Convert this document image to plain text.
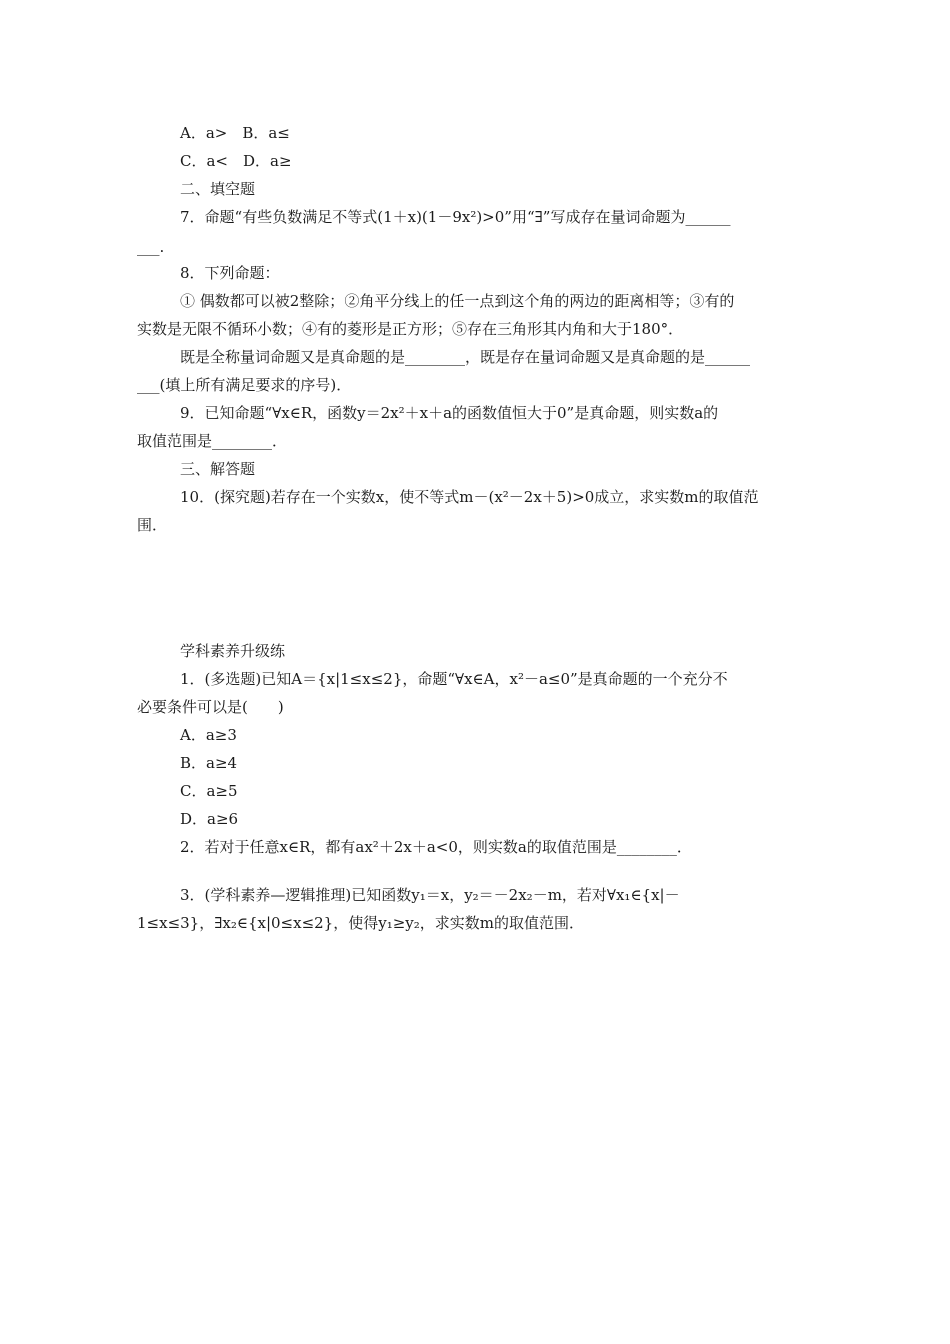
A．a>　B．a≤
C．a<　D．a≥
二、填空题
7．命题“有些负数满足不等式(1＋x)(1－9x²)>0”用“∃”写成存在量词命题为______
___.
8．下列命题：
① 偶数都可以被2整除；②角平分线上的任一点到这个角的两边的距离相等；③有的
实数是无限不循环小数；④有的菱形是正方形；⑤存在三角形其内角和大于180°．
既是全称量词命题又是真命题的是________，既是存在量词命题又是真命题的是______
___(填上所有满足要求的序号)．
9．已知命题“∀x∈R，函数y＝2x²＋x＋a的函数值恒大于0”是真命题，则实数a的
取值范围是________．
三、解答题
10．(探究题)若存在一个实数x，使不等式m－(x²－2x＋5)>0成立，求实数m的取值范
围．
学科素养升级练
1．(多选题)已知A＝{x|1≤x≤2}，命题“∀x∈A，x²－a≤0”是真命题的一个充分不
必要条件可以是(　　)
A．a≥3
B．a≥4
C．a≥5
D．a≥6
2．若对于任意x∈R，都有ax²＋2x＋a<0，则实数a的取值范围是________．
3．(学科素养—逻辑推理)已知函数y₁＝x，y₂＝－2x₂－m，若对∀x₁∈{x|－
1≤x≤3}，∃x₂∈{x|0≤x≤2}，使得y₁≥y₂，求实数m的取值范围．
